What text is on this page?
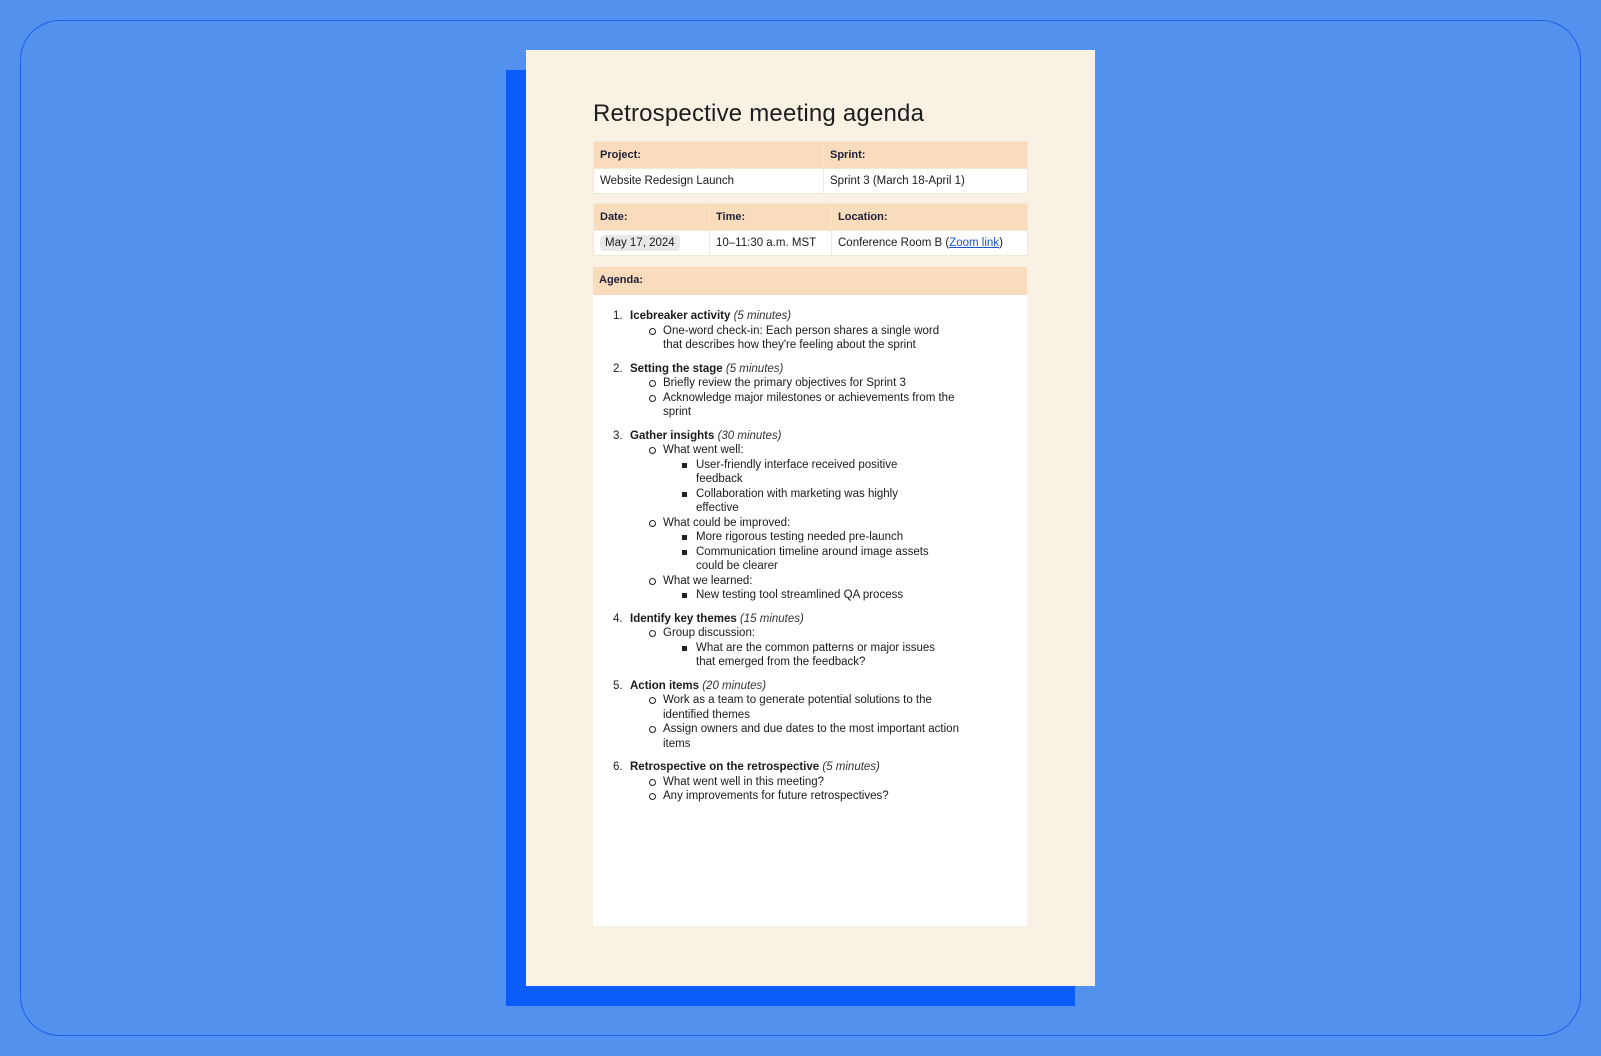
Retrospective meeting agenda
Project:	Sprint:
Website Redesign Launch	Sprint 3 (March 18-April 1)
Date:	Time:	Location:
May 17, 2024	10–11:30 a.m. MST	Conference Room B (Zoom link)
Agenda:
1. Icebreaker activity (5 minutes)
One-word check-in: Each person shares a single word that describes how they're feeling about the sprint
2. Setting the stage (5 minutes)
Briefly review the primary objectives for Sprint 3
Acknowledge major milestones or achievements from the sprint
3. Gather insights (30 minutes)
What went well:
User-friendly interface received positive feedback
Collaboration with marketing was highly effective
What could be improved:
More rigorous testing needed pre-launch
Communication timeline around image assets could be clearer
What we learned:
New testing tool streamlined QA process
4. Identify key themes (15 minutes)
Group discussion:
What are the common patterns or major issues that emerged from the feedback?
5. Action items (20 minutes)
Work as a team to generate potential solutions to the identified themes
Assign owners and due dates to the most important action items
6. Retrospective on the retrospective (5 minutes)
What went well in this meeting?
Any improvements for future retrospectives?
